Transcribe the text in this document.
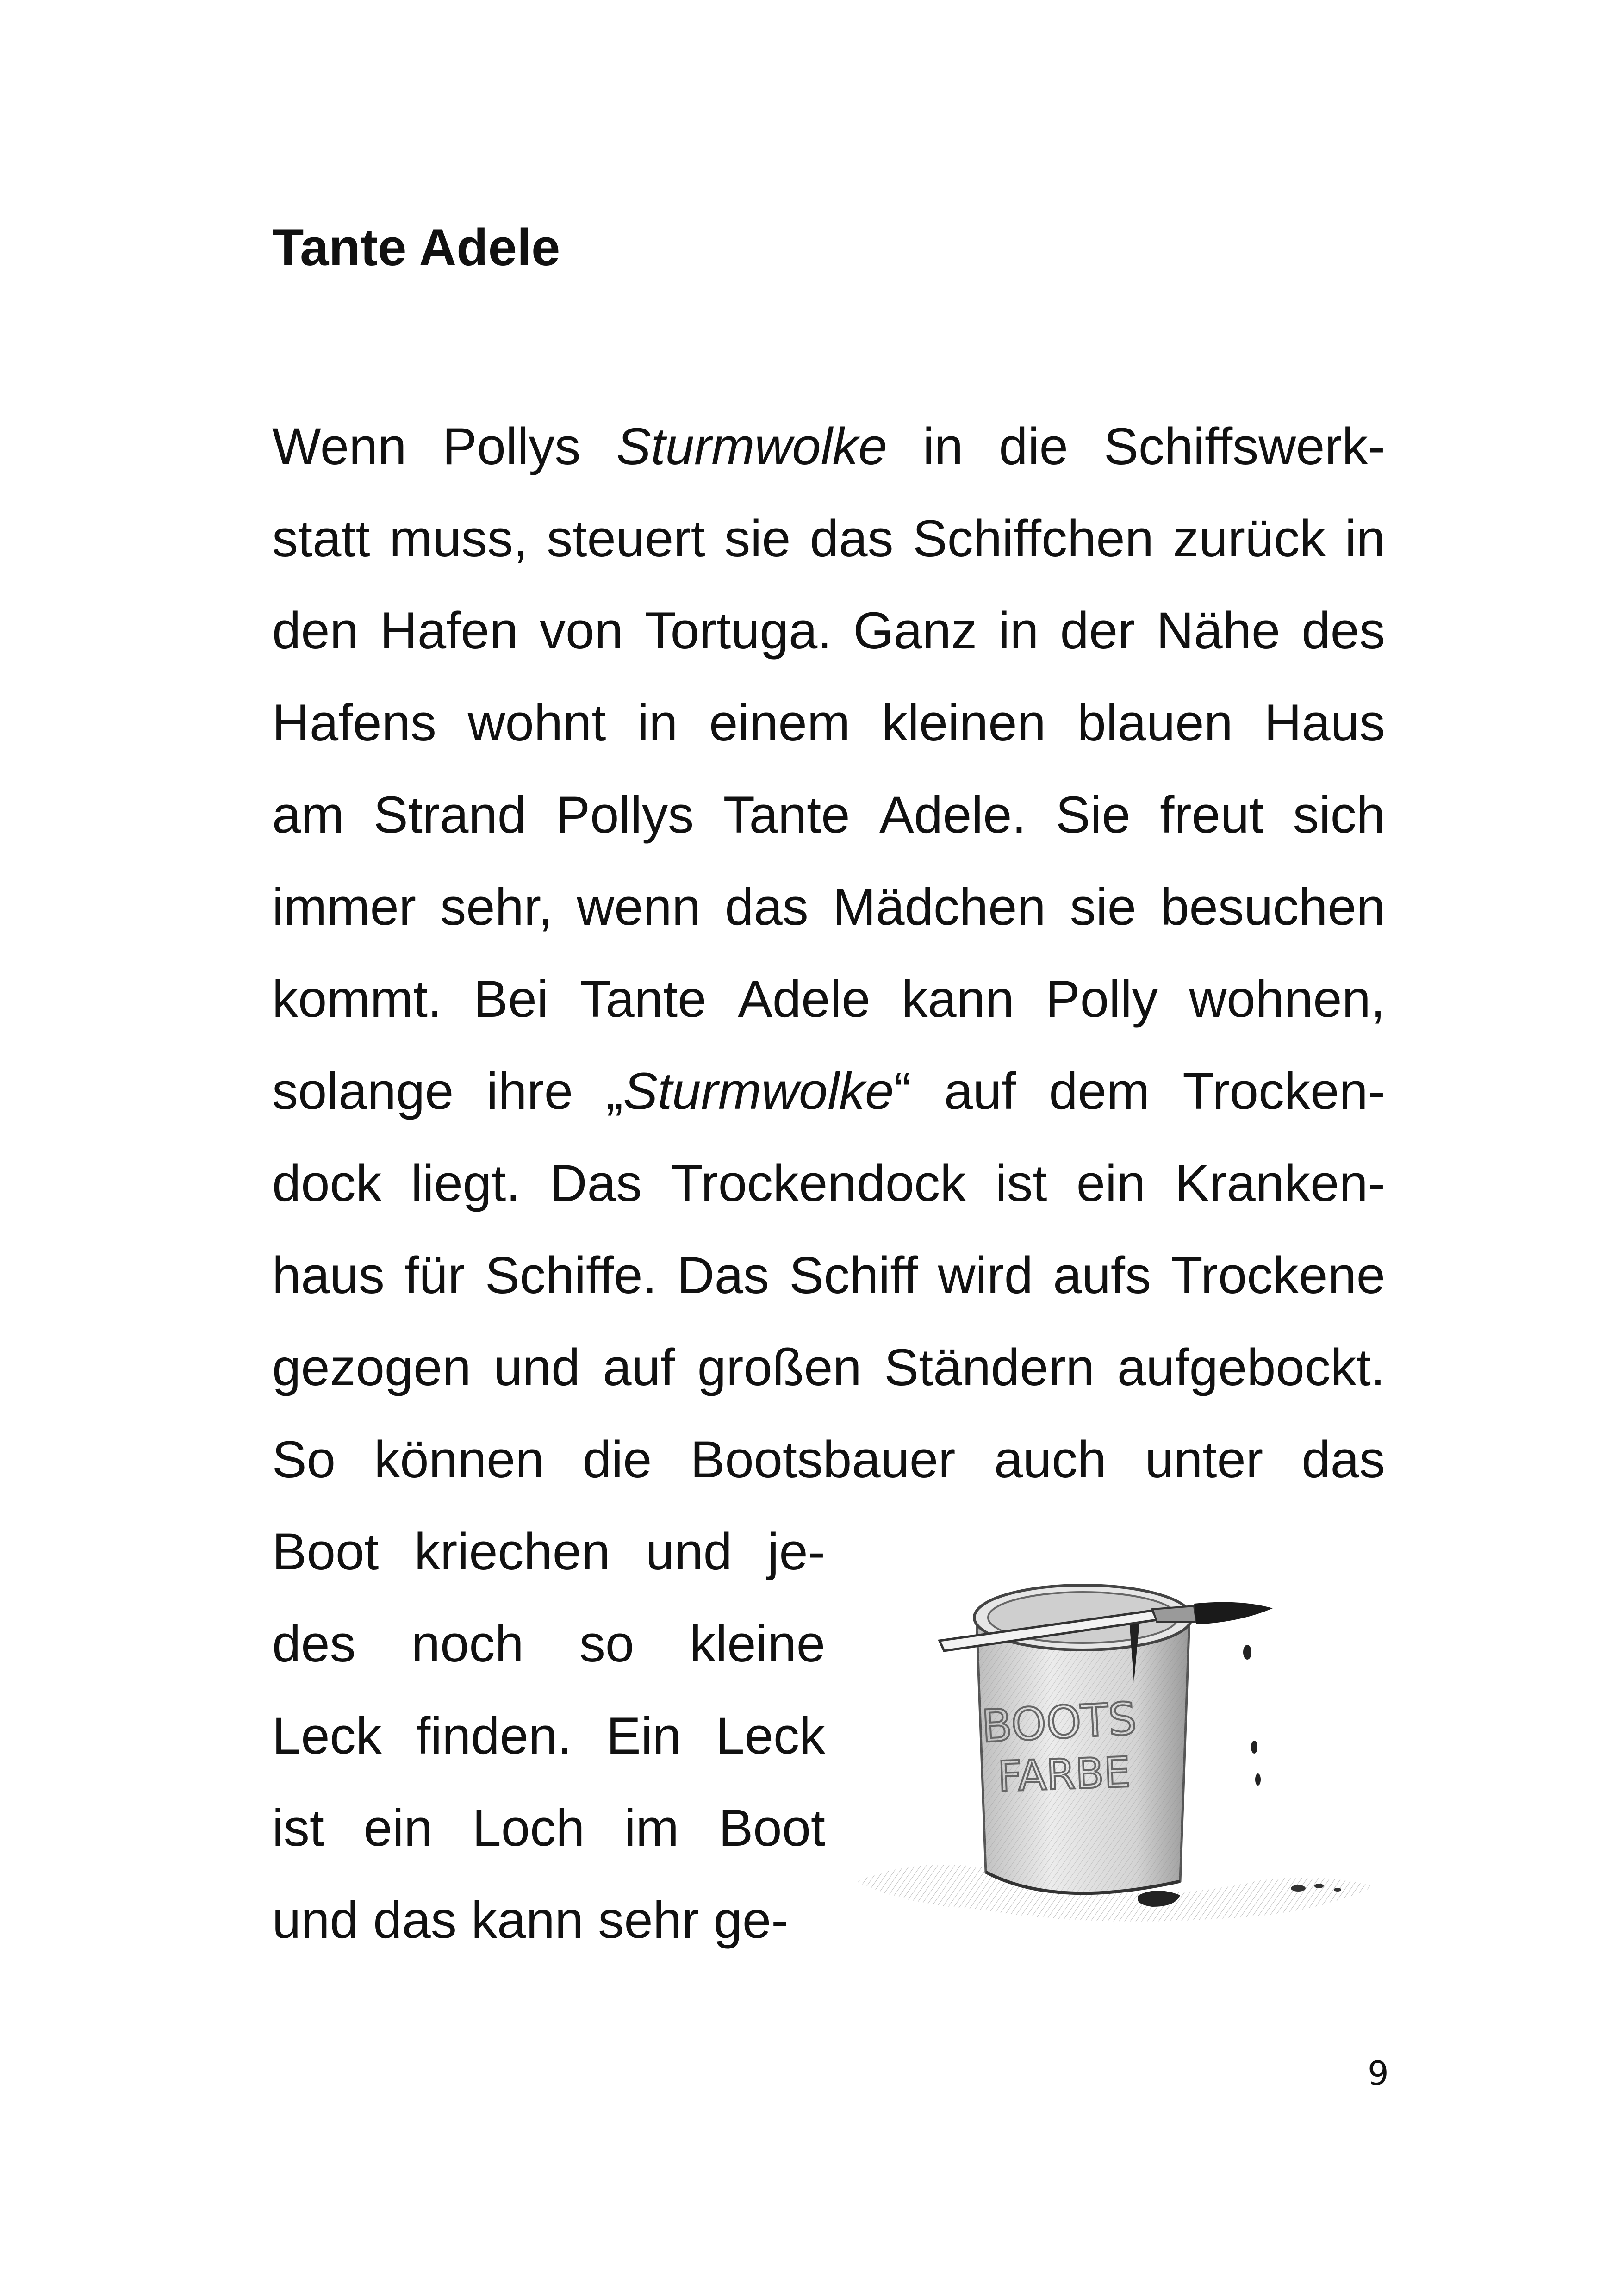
Tante Adele
Wenn Pollys Sturmwolke in die Schiffswerk-
statt muss, steuert sie das Schiffchen zurück in
den Hafen von Tortuga. Ganz in der Nähe des
Hafens wohnt in einem kleinen blauen Haus
am Strand Pollys Tante Adele. Sie freut sich
immer sehr, wenn das Mädchen sie besuchen
kommt. Bei Tante Adele kann Polly wohnen,
solange ihre „Sturmwolke“ auf dem Trocken-
dock liegt. Das Trockendock ist ein Kranken-
haus für Schiffe. Das Schiff wird aufs Trockene
gezogen und auf großen Ständern aufgebockt.
So können die Bootsbauer auch unter das
Boot kriechen und je-
des noch so kleine
Leck finden. Ein Leck
ist ein Loch im Boot
und das kann sehr ge-
BOOTS
FARBE
9
